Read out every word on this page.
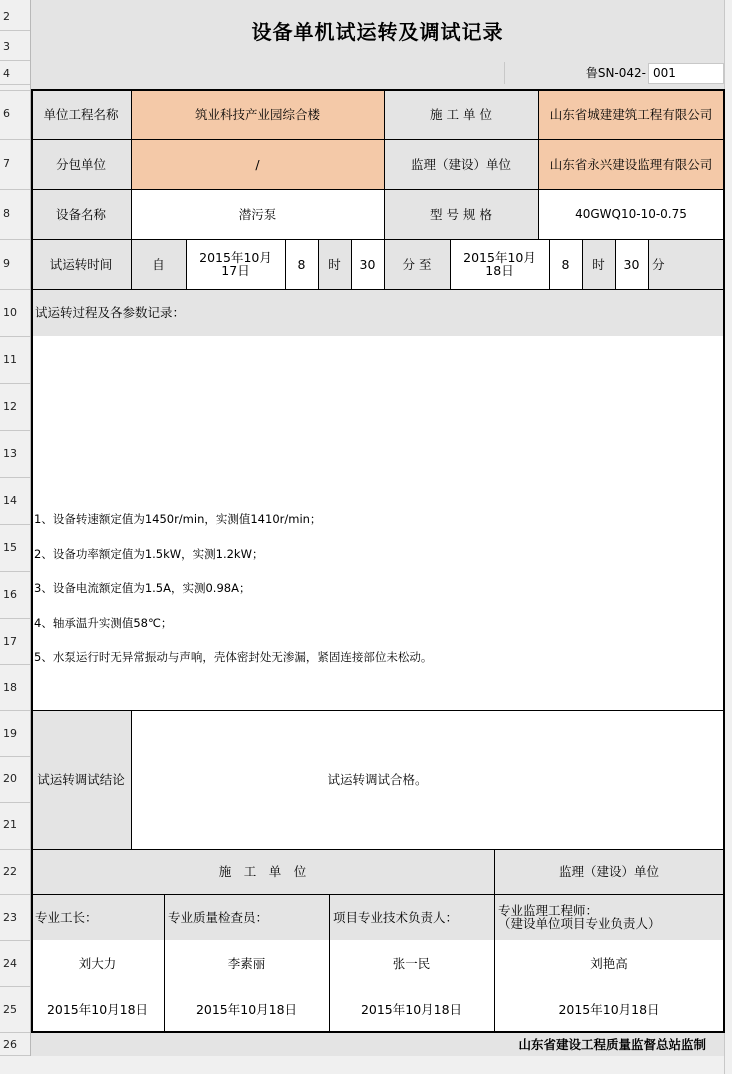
2
3
4
6
7
8
9
10
11
12
13
14
15
16
17
18
19
20
21
22
23
24
25
26
设备单机试运转及调试记录
鲁SN-042- 001
单位工程名称	筑业科技产业园综合楼	施 工 单 位	山东省城建建筑工程有限公司
分包单位	/	监理（建设）单位	山东省永兴建设监理有限公司
设备名称	潜污泵	型 号 规 格	40GWQ10-10-0.75
试运转时间	自	2015年10月17日	8	时	30	分 至	2015年10月18日	8	时	30	分
试运转过程及各参数记录：

1、设备转速额定值为1450r/min，实测值1410r/min；

2、设备功率额定值为1.5kW，实测1.2kW；

3、设备电流额定值为1.5A，实测0.98A；

4、轴承温升实测值58℃；

5、水泵运行时无异常振动与声响，壳体密封处无渗漏，紧固连接部位未松动。

试运转调试结论	试运转调试合格。
施　工　单　位	监理（建设）单位
专业工长：	专业质量检查员：	项目专业技术负责人：	专业监理工程师：
（建设单位项目专业负责人）
刘大力	李素丽	张一民	刘艳高
2015年10月18日	2015年10月18日	2015年10月18日	2015年10月18日
山东省建设工程质量监督总站监制
